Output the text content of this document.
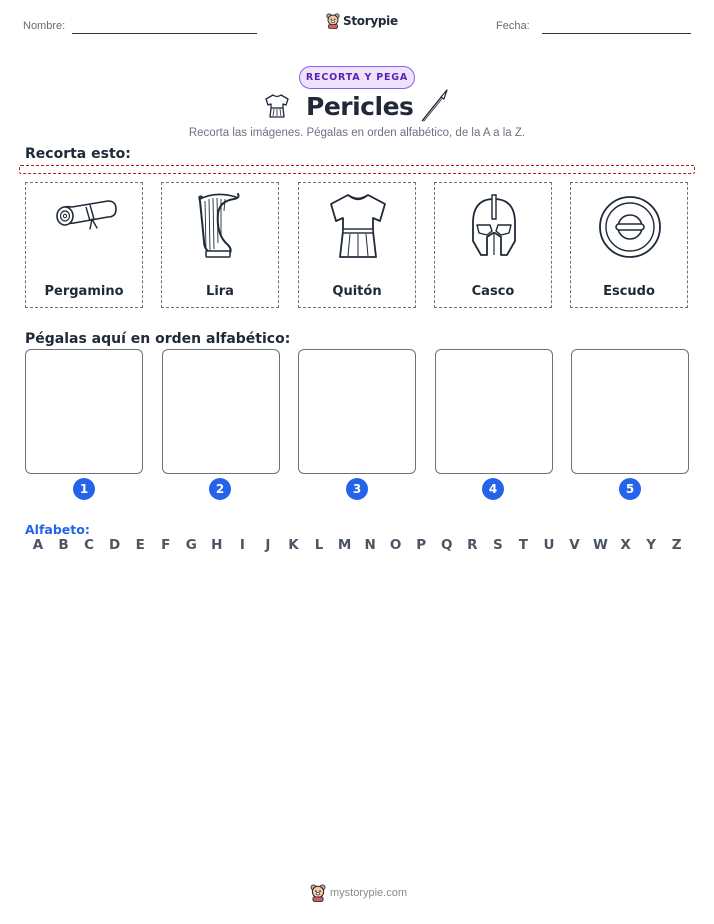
Nombre:	Storypie	Fecha:
RECORTA Y PEGA
Pericles
Recorta las imágenes. Pégalas en orden alfabético, de la A a la Z.
Recorta esto:
Pergamino	Lira	Quitón	Casco	Escudo
Pégalas aquí en orden alfabético:
1	2	3	4	5
Alfabeto:
A B C D E F G H	I	J	K L M N O P Q R S T U V W X Y Z
mystorypie.com
